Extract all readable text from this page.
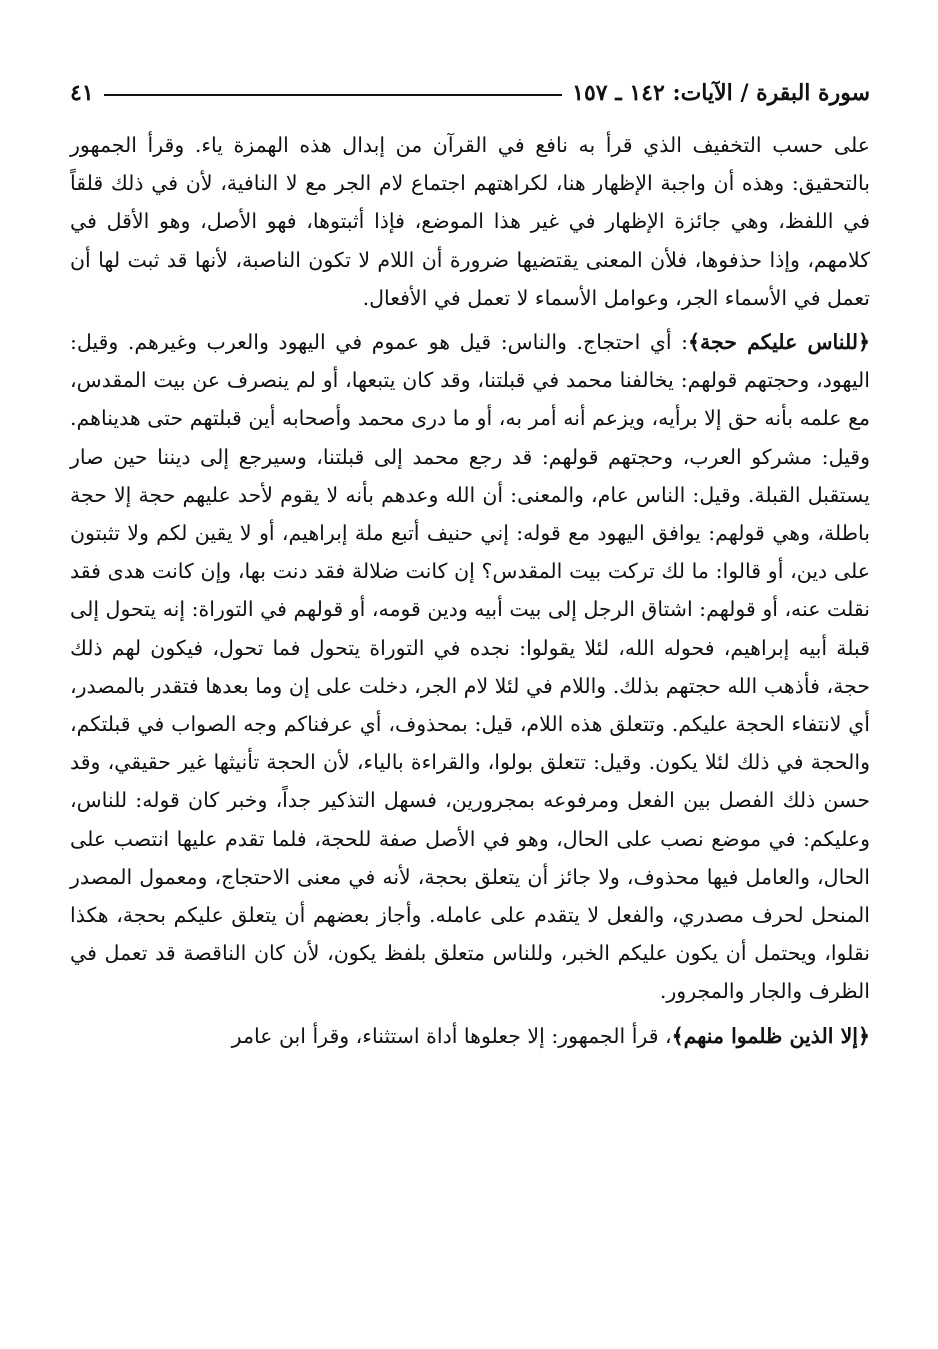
سورة البقرة / الآيات: ١٤٢ ـ ١٥٧
٤١

على حسب التخفيف الذي قرأ به نافع في القرآن من إبدال هذه الهمزة ياء. وقرأ الجمهور بالتحقيق: وهذه أن واجبة الإظهار هنا، لكراهتهم اجتماع لام الجر مع لا النافية، لأن في ذلك قلقاً في اللفظ، وهي جائزة الإظهار في غير هذا الموضع، فإذا أثبتوها، فهو الأصل، وهو الأقل في كلامهم، وإذا حذفوها، فلأن المعنى يقتضيها ضرورة أن اللام لا تكون الناصبة، لأنها قد ثبت لها أن تعمل في الأسماء الجر، وعوامل الأسماء لا تعمل في الأفعال.

﴿للناس عليكم حجة﴾: أي احتجاج. والناس: قيل هو عموم في اليهود والعرب وغيرهم. وقيل: اليهود، وحجتهم قولهم: يخالفنا محمد في قبلتنا، وقد كان يتبعها، أو لم ينصرف عن بيت المقدس، مع علمه بأنه حق إلا برأيه، ويزعم أنه أمر به، أو ما درى محمد وأصحابه أين قبلتهم حتى هديناهم. وقيل: مشركو العرب، وحجتهم قولهم: قد رجع محمد إلى قبلتنا، وسيرجع إلى ديننا حين صار يستقبل القبلة. وقيل: الناس عام، والمعنى: أن الله وعدهم بأنه لا يقوم لأحد عليهم حجة إلا حجة باطلة، وهي قولهم: يوافق اليهود مع قوله: إني حنيف أتبع ملة إبراهيم، أو لا يقين لكم ولا تثبتون على دين، أو قالوا: ما لك تركت بيت المقدس؟ إن كانت ضلالة فقد دنت بها، وإن كانت هدى فقد نقلت عنه، أو قولهم: اشتاق الرجل إلى بيت أبيه ودين قومه، أو قولهم في التوراة: إنه يتحول إلى قبلة أبيه إبراهيم، فحوله الله، لئلا يقولوا: نجده في التوراة يتحول فما تحول، فيكون لهم ذلك حجة، فأذهب الله حجتهم بذلك. واللام في لئلا لام الجر، دخلت على إن وما بعدها فتقدر بالمصدر، أي لانتفاء الحجة عليكم. وتتعلق هذه اللام، قيل: بمحذوف، أي عرفناكم وجه الصواب في قبلتكم، والحجة في ذلك لئلا يكون. وقيل: تتعلق بولوا، والقراءة بالياء، لأن الحجة تأنيثها غير حقيقي، وقد حسن ذلك الفصل بين الفعل ومرفوعه بمجرورين، فسهل التذكير جداً، وخبر كان قوله: للناس، وعليكم: في موضع نصب على الحال، وهو في الأصل صفة للحجة، فلما تقدم عليها انتصب على الحال، والعامل فيها محذوف، ولا جائز أن يتعلق بحجة، لأنه في معنى الاحتجاج، ومعمول المصدر المنحل لحرف مصدري، والفعل لا يتقدم على عامله. وأجاز بعضهم أن يتعلق عليكم بحجة، هكذا نقلوا، ويحتمل أن يكون عليكم الخبر، وللناس متعلق بلفظ يكون، لأن كان الناقصة قد تعمل في الظرف والجار والمجرور.

﴿إلا الذين ظلموا منهم﴾، قرأ الجمهور: إلا جعلوها أداة استثناء، وقرأ ابن عامر
